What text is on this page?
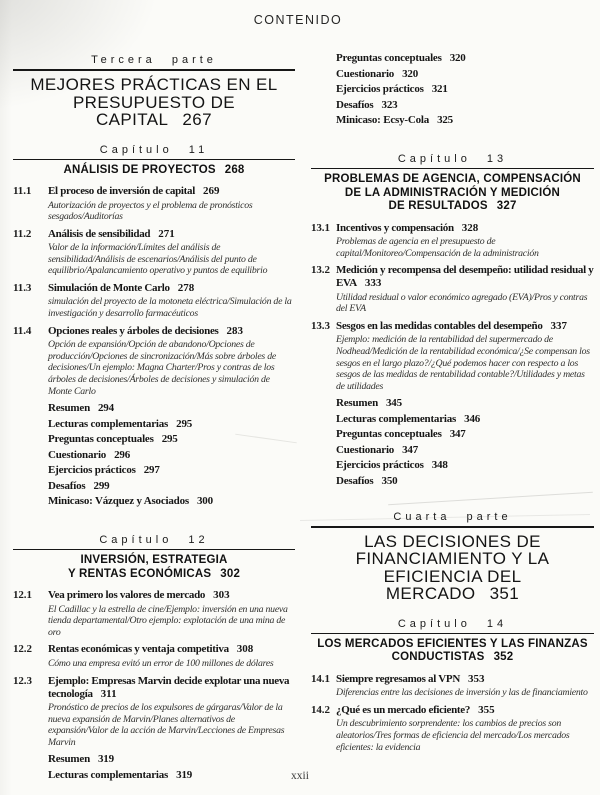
CONTENIDO
Tercera parte
MEJORES PRÁCTICAS EN EL
PRESUPUESTO DE
CAPITAL 267
Capítulo 11
ANÁLISIS DE PROYECTOS 268
11.1	El proceso de inversión de capital 269
Autorización de proyectos y el problema de pronósticos sesgados/Auditorías
11.2	Análisis de sensibilidad 271
Valor de la información/Límites del análisis de sensibilidad/Análisis de escenarios/Análisis del punto de equilibrio/Apalancamiento operativo y puntos de equilibrio
11.3	Simulación de Monte Carlo 278
simulación del proyecto de la motoneta eléctrica/Simulación de la investigación y desarrollo farmacéuticos
11.4	Opciones reales y árboles de decisiones 283
Opción de expansión/Opción de abandono/Opciones de producción/Opciones de sincronización/Más sobre árboles de decisiones/Un ejemplo: Magna Charter/Pros y contras de los árboles de decisiones/Árboles de decisiones y simulación de Monte Carlo
Resumen 294
Lecturas complementarias 295
Preguntas conceptuales 295
Cuestionario 296
Ejercicios prácticos 297
Desafíos 299
Minicaso: Vázquez y Asociados 300
Capítulo 12
INVERSIÓN, ESTRATEGIA
Y RENTAS ECONÓMICAS 302
12.1	Vea primero los valores de mercado 303
El Cadillac y la estrella de cine/Ejemplo: inversión en una nueva tienda departamental/Otro ejemplo: explotación de una mina de oro
12.2	Rentas económicas y ventaja competitiva 308
Cómo una empresa evitó un error de 100 millones de dólares
12.3	Ejemplo: Empresas Marvin decide explotar una nueva tecnología 311
Pronóstico de precios de los expulsores de gárgaras/Valor de la nueva expansión de Marvin/Planes alternativos de expansión/Valor de la acción de Marvin/Lecciones de Empresas Marvin
Resumen 319
Lecturas complementarias 319
Preguntas conceptuales 320
Cuestionario 320
Ejercicios prácticos 321
Desafíos 323
Minicaso: Ecsy-Cola 325
Capítulo 13
PROBLEMAS DE AGENCIA, COMPENSACIÓN
DE LA ADMINISTRACIÓN Y MEDICIÓN
DE RESULTADOS 327
13.1 Incentivos y compensación 328
Problemas de agencia en el presupuesto de capital/Monitoreo/Compensación de la administración
13.2 Medición y recompensa del desempeño: utilidad residual y EVA 333
Utilidad residual o valor económico agregado (EVA)/Pros y contras del EVA
13.3 Sesgos en las medidas contables del desempeño 337
Ejemplo: medición de la rentabilidad del supermercado de Nodhead/Medición de la rentabilidad económica/¿Se compensan los sesgos en el largo plazo?/¿Qué podemos hacer con respecto a los sesgos de las medidas de rentabilidad contable?/Utilidades y metas de utilidades
Resumen 345
Lecturas complementarias 346
Preguntas conceptuales 347
Cuestionario 347
Ejercicios prácticos 348
Desafíos 350
Cuarta parte
LAS DECISIONES DE
FINANCIAMIENTO Y LA
EFICIENCIA DEL
MERCADO 351
Capítulo 14
LOS MERCADOS EFICIENTES Y LAS FINANZAS
CONDUCTISTAS 352
14.1 Siempre regresamos al VPN 353
Diferencias entre las decisiones de inversión y las de financiamiento
14.2 ¿Qué es un mercado eficiente? 355
Un descubrimiento sorprendente: los cambios de precios son aleatorios/Tres formas de eficiencia del mercado/Los mercados eficientes: la evidencia
xxii
